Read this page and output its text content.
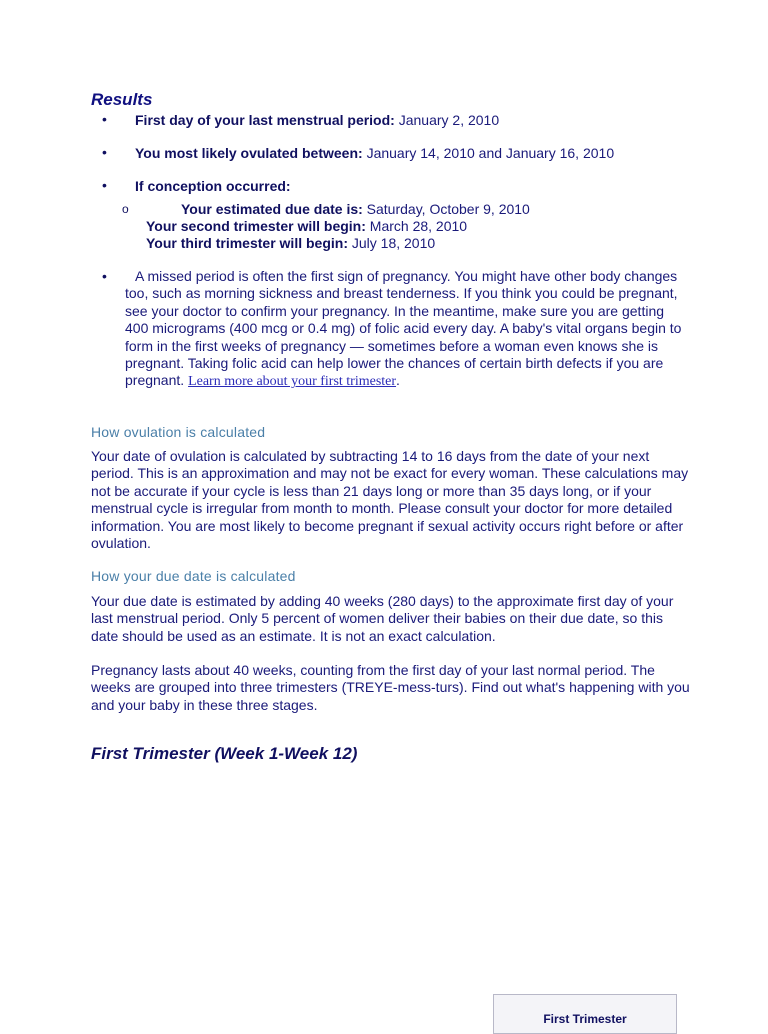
Results
• First day of your last menstrual period: January 2, 2010
• You most likely ovulated between: January 14, 2010 and January 16, 2010
• If conception occurred:
o	Your estimated due date is: Saturday, October 9, 2010
Your second trimester will begin: March 28, 2010
Your third trimester will begin: July 18, 2010
•	A missed period is often the first sign of pregnancy. You might have other body changes too, such as morning sickness and breast tenderness. If you think you could be pregnant, see your doctor to confirm your pregnancy. In the meantime, make sure you are getting 400 micrograms (400 mcg or 0.4 mg) of folic acid every day. A baby's vital organs begin to form in the first weeks of pregnancy — sometimes before a woman even knows she is pregnant. Taking folic acid can help lower the chances of certain birth defects if you are pregnant. Learn more about your first trimester.
How ovulation is calculated

Your date of ovulation is calculated by subtracting 14 to 16 days from the date of your next period. This is an approximation and may not be exact for every woman. These calculations may not be accurate if your cycle is less than 21 days long or more than 35 days long, or if your menstrual cycle is irregular from month to month. Please consult your doctor for more detailed information. You are most likely to become pregnant if sexual activity occurs right before or after ovulation.

How your due date is calculated

Your due date is estimated by adding 40 weeks (280 days) to the approximate first day of your last menstrual period. Only 5 percent of women deliver their babies on their due date, so this date should be used as an estimate. It is not an exact calculation.

Pregnancy lasts about 40 weeks, counting from the first day of your last normal period. The weeks are grouped into three trimesters (TREYE-mess-turs). Find out what's happening with you and your baby in these three stages.

First Trimester (Week 1-Week 12)
First Trimester
